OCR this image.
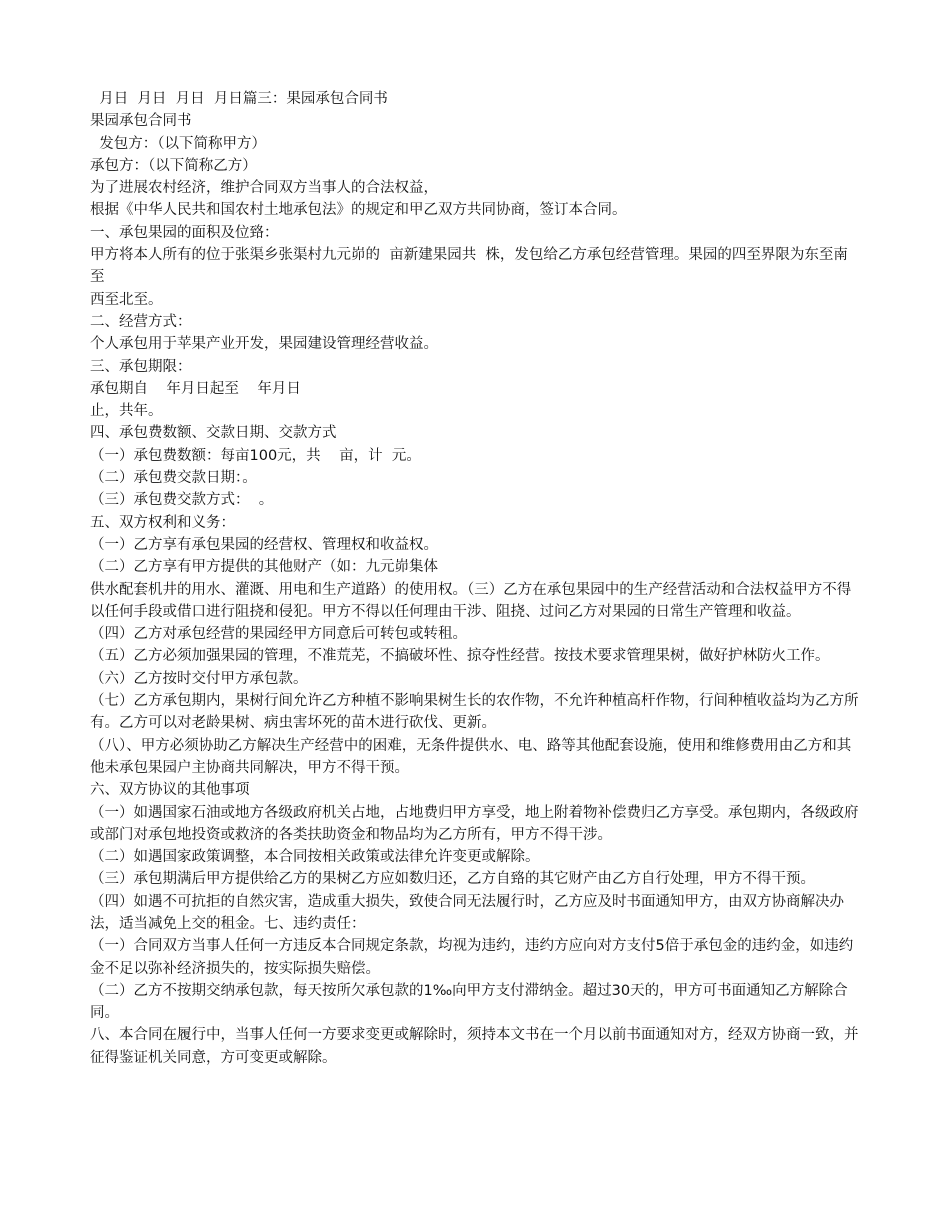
月日  月日  月日  月日篇三：果园承包合同书

果园承包合同书

发包方：（以下简称甲方）

承包方：（以下简称乙方）

为了进展农村经济，维护合同双方当事人的合法权益，

根据《中华人民共和国农村土地承包法》的规定和甲乙双方共同协商，签订本合同。

一、承包果园的面积及位臵：

甲方将本人所有的位于张渠乡张渠村九元峁的  亩新建果园共  株，发包给乙方承包经营管理。果园的四至界限为东至南至

西至北至。

二、经营方式：

个人承包用于苹果产业开发，果园建设管理经营收益。

三、承包期限：

承包期自    年月日起至    年月日

止，共年。

四、承包费数额、交款日期、交款方式

（一）承包费数额：每亩100元，共    亩，计  元。

（二）承包费交款日期：。

（三）承包费交款方式：  。

五、双方权利和义务：

（一）乙方享有承包果园的经营权、管理权和收益权。

（二）乙方享有甲方提供的其他财产（如：九元峁集体

供水配套机井的用水、灌溉、用电和生产道路）的使用权。（三）乙方在承包果园中的生产经营活动和合法权益甲方不得以任何手段或借口进行阻挠和侵犯。甲方不得以任何理由干涉、阻挠、过问乙方对果园的日常生产管理和收益。

（四）乙方对承包经营的果园经甲方同意后可转包或转租。

（五）乙方必须加强果园的管理，不准荒芜，不搞破坏性、掠夺性经营。按技术要求管理果树，做好护林防火工作。

（六）乙方按时交付甲方承包款。

（七）乙方承包期内，果树行间允许乙方种植不影响果树生长的农作物，不允许种植高杆作物，行间种植收益均为乙方所有。乙方可以对老龄果树、病虫害坏死的苗木进行砍伐、更新。

（八）、甲方必须协助乙方解决生产经营中的困难，无条件提供水、电、路等其他配套设施，使用和维修费用由乙方和其他未承包果园户主协商共同解决，甲方不得干预。

六、双方协议的其他事项

（一）如遇国家石油或地方各级政府机关占地，占地费归甲方享受，地上附着物补偿费归乙方享受。承包期内，各级政府或部门对承包地投资或救济的各类扶助资金和物品均为乙方所有，甲方不得干涉。

（二）如遇国家政策调整，本合同按相关政策或法律允许变更或解除。

（三）承包期满后甲方提供给乙方的果树乙方应如数归还，乙方自臵的其它财产由乙方自行处理，甲方不得干预。

（四）如遇不可抗拒的自然灾害，造成重大损失，致使合同无法履行时，乙方应及时书面通知甲方，由双方协商解决办法，适当减免上交的租金。七、违约责任：

（一）合同双方当事人任何一方违反本合同规定条款，均视为违约，违约方应向对方支付5倍于承包金的违约金，如违约金不足以弥补经济损失的，按实际损失赔偿。

（二）乙方不按期交纳承包款，每天按所欠承包款的1‰向甲方支付滞纳金。超过30天的，甲方可书面通知乙方解除合同。

八、本合同在履行中，当事人任何一方要求变更或解除时，须持本文书在一个月以前书面通知对方，经双方协商一致，并征得鉴证机关同意，方可变更或解除。
